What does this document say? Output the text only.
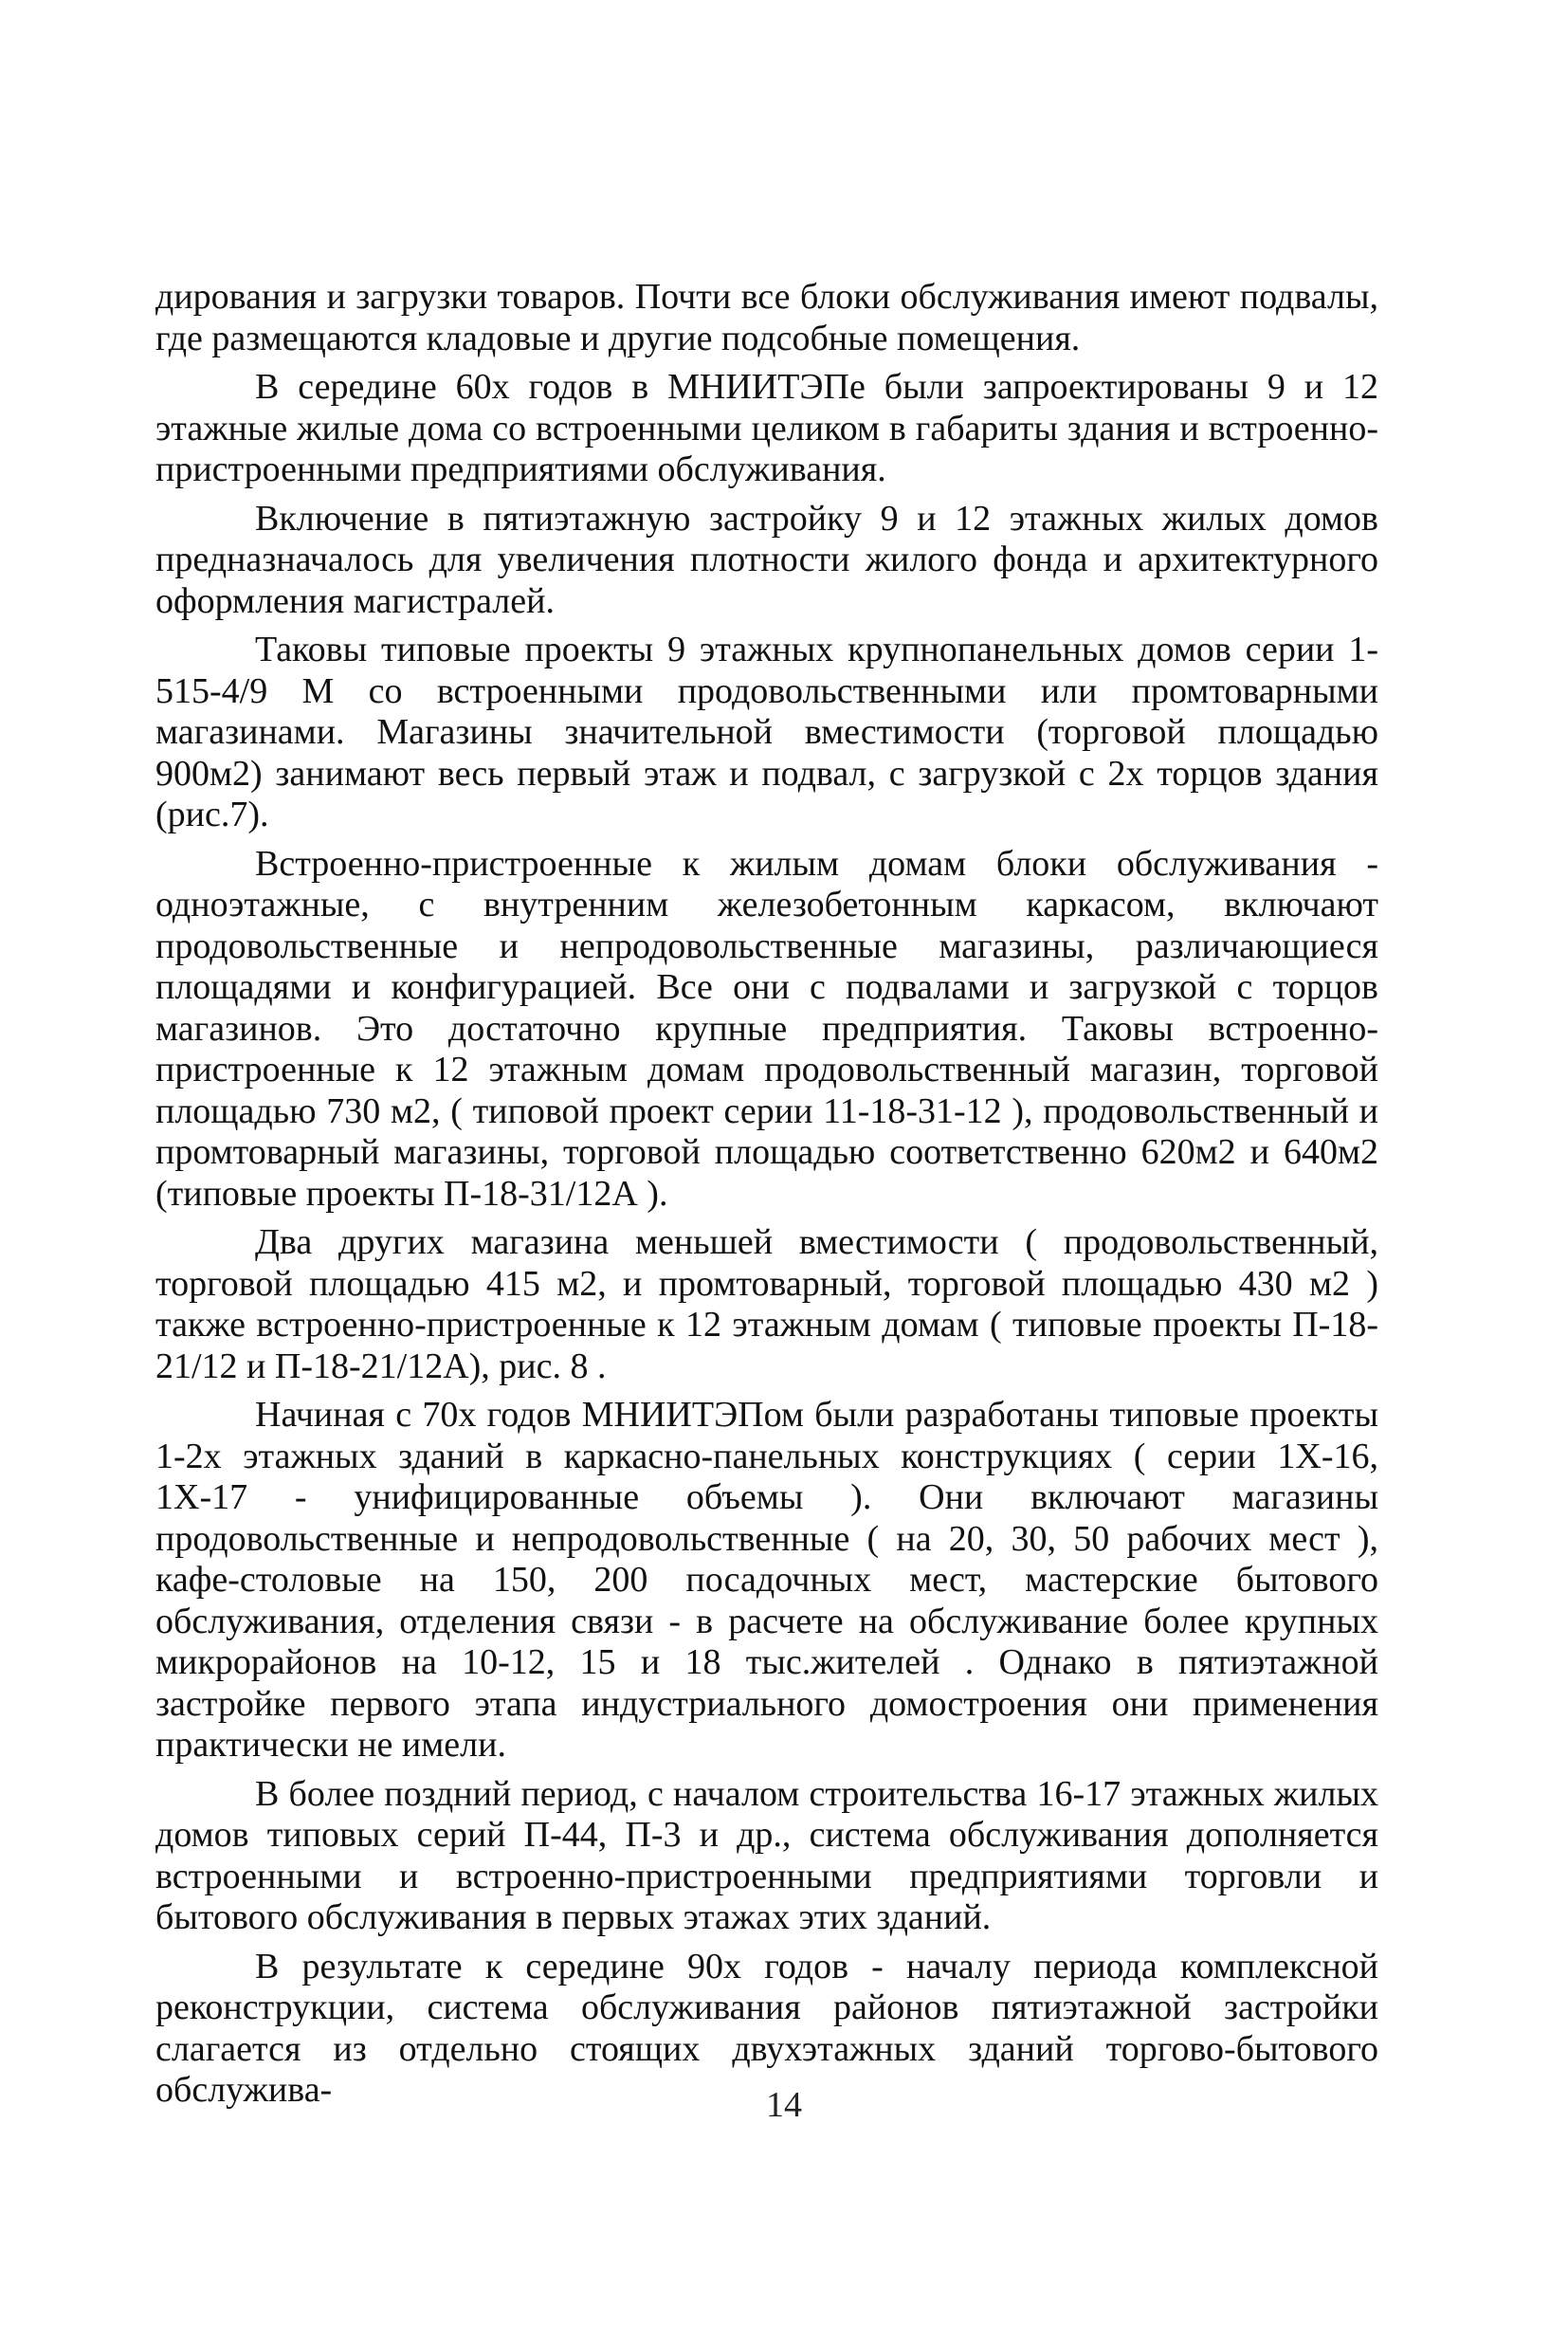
дирования и загрузки товаров. Почти все блоки обслуживания имеют подвалы, где размещаются кладовые и другие подсобные помещения.

В середине 60х годов в МНИИТЭПе были запроектированы 9 и 12 этажные жилые дома со встроенными целиком в габариты здания и встроенно-пристроенными предприятиями обслуживания.

Включение в пятиэтажную застройку 9 и 12 этажных жилых домов предназначалось для увеличения плотности жилого фонда и архитектурного оформления магистралей.

Таковы типовые проекты 9 этажных крупнопанельных домов серии 1-515-4/9 М со встроенными продовольственными или промтоварными магазинами. Магазины значительной вместимости (торговой площадью 900м2) занимают весь первый этаж и подвал, с загрузкой с 2х торцов здания (рис.7).

Встроенно-пристроенные к жилым домам блоки обслуживания - одноэтажные, с внутренним железобетонным каркасом, включают продовольственные и непродовольственные магазины, различающиеся площадями и конфигурацией. Все они с подвалами и загрузкой с торцов магазинов. Это достаточно крупные предприятия. Таковы встроенно-пристроенные к 12 этажным домам продовольственный магазин, торговой площадью 730 м2, ( типовой проект серии 11-18-31-12 ), продовольственный и промтоварный магазины, торговой площадью соответственно 620м2 и 640м2 (типовые проекты П-18-31/12А ).

Два других магазина меньшей вместимости ( продовольственный, торговой площадью 415 м2, и промтоварный, торговой площадью 430 м2 ) также встроенно-пристроенные к 12 этажным домам ( типовые проекты П-18-21/12 и П-18-21/12А), рис. 8 .

Начиная с 70х годов МНИИТЭПом были разработаны типовые проекты 1-2х этажных зданий в каркасно-панельных конструкциях ( серии 1Х-16, 1Х-17 - унифицированные объемы ). Они включают магазины продовольственные и непродовольственные ( на 20, 30, 50 рабочих мест ), кафе-столовые на 150, 200 посадочных мест, мастерские бытового обслуживания, отделения связи - в расчете на обслуживание более крупных микрорайонов на 10-12, 15 и 18 тыс.жителей . Однако в пятиэтажной застройке первого этапа индустриального домостроения они применения практически не имели.

В более поздний период, с началом строительства 16-17 этажных жилых домов типовых серий П-44, П-3 и др., система обслуживания дополняется встроенными и встроенно-пристроенными предприятиями торговли и бытового обслуживания в первых этажах этих зданий.

В результате к середине 90х годов - началу периода комплексной реконструкции, система обслуживания районов пятиэтажной застройки слагается из отдельно стоящих двухэтажных зданий торгово-бытового обслужива-	14
